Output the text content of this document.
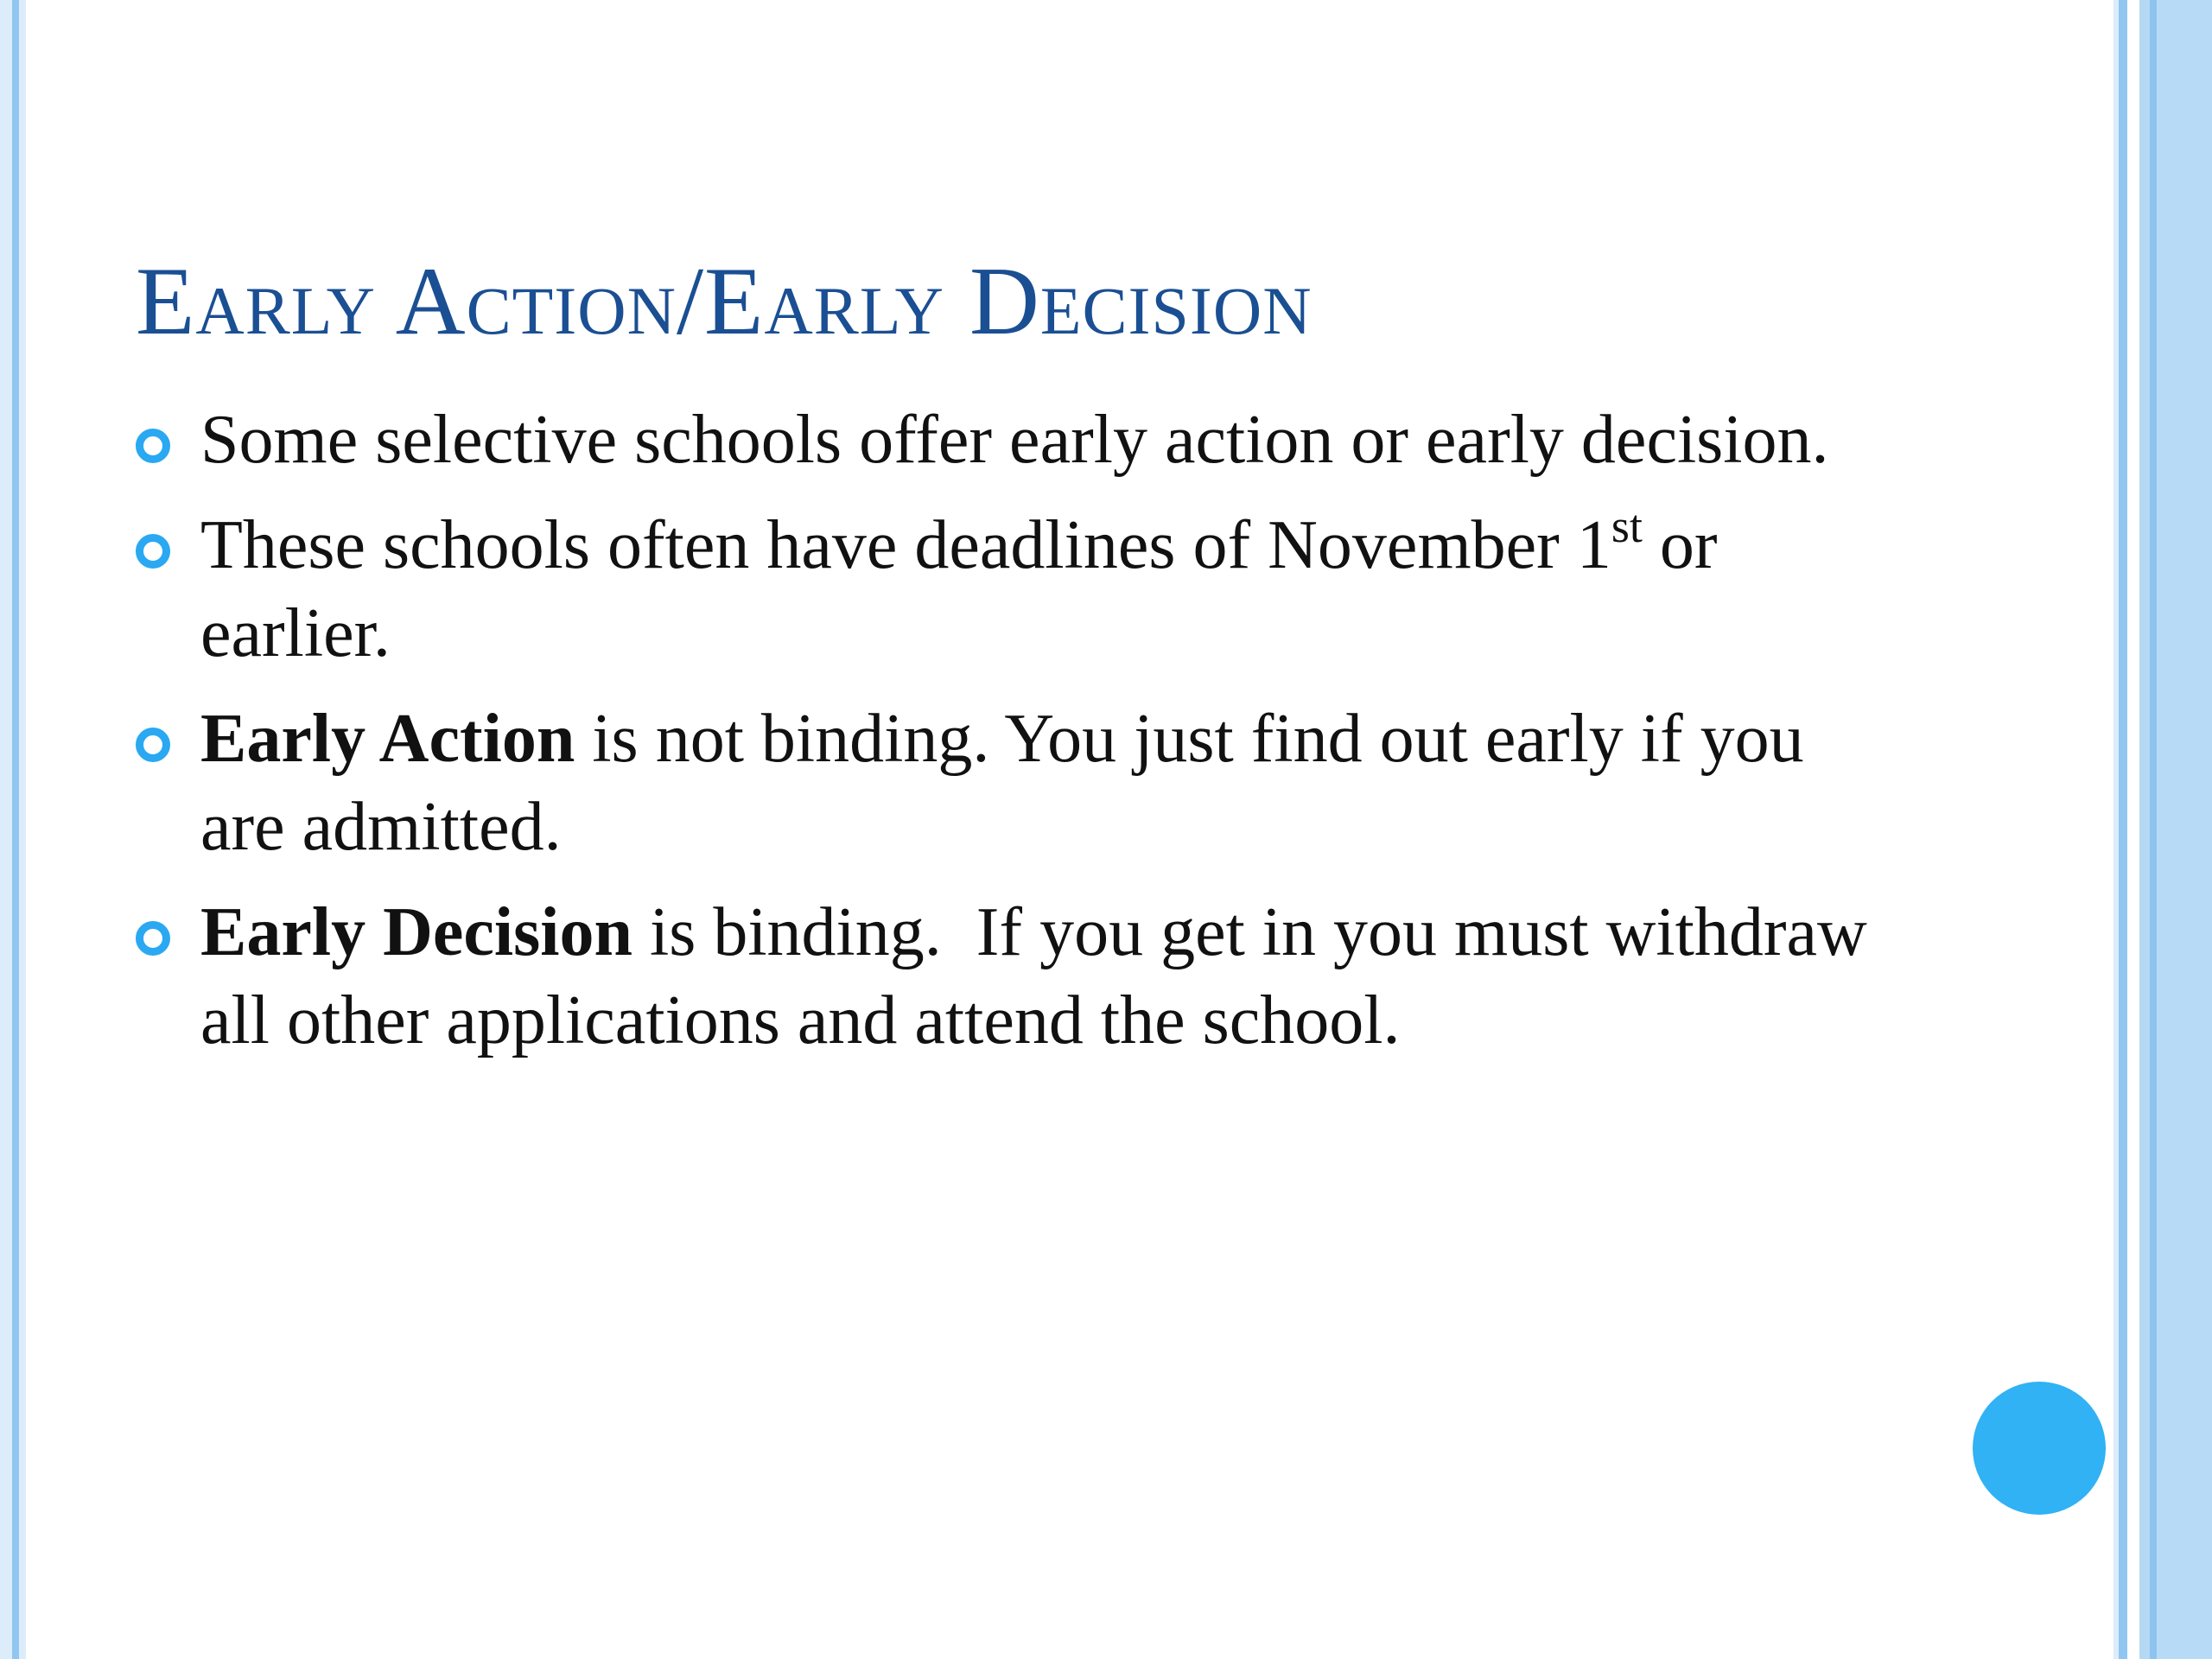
Early Action/Early Decision
Some selective schools offer early action or early decision.
These schools often have deadlines of November 1st or earlier.
Early Action is not binding. You just find out early if you are admitted.
Early Decision is binding.  If you get in you must withdraw all other applications and attend the school.
